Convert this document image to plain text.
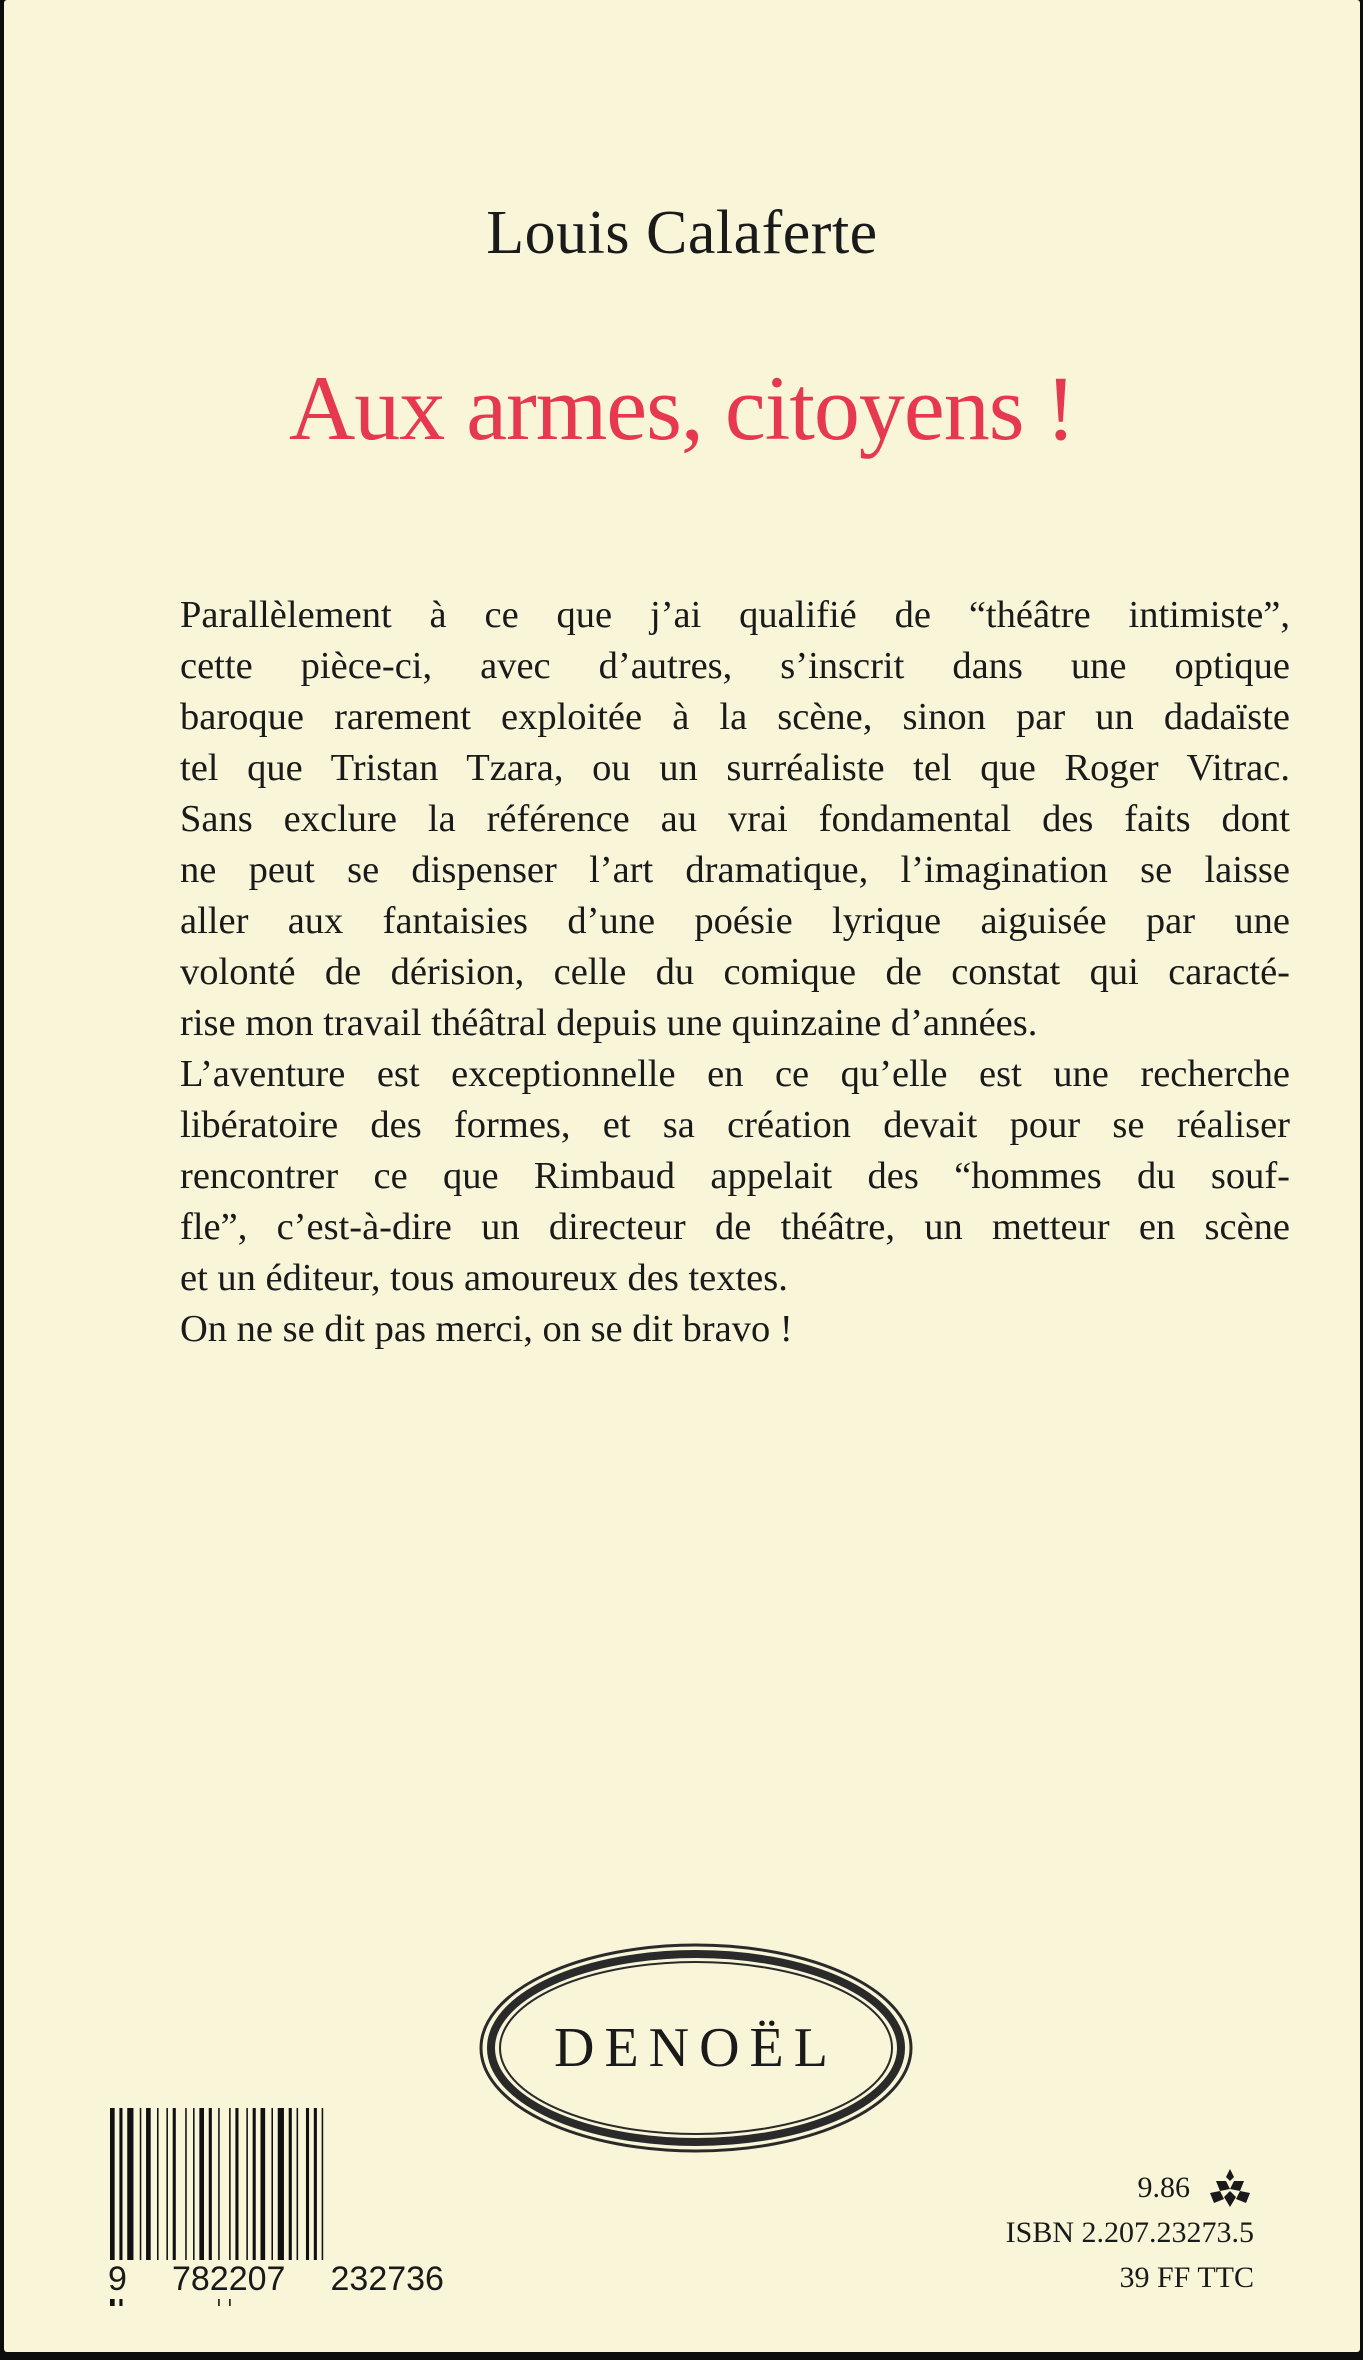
Louis Calaferte
Aux armes, citoyens !

Parallèlement à ce que j’ai qualifié de “théâtre intimiste”,

cette pièce-ci, avec d’autres, s’inscrit dans une optique

baroque rarement exploitée à la scène, sinon par un dadaïste

tel que Tristan Tzara, ou un surréaliste tel que Roger Vitrac.

Sans exclure la référence au vrai fondamental des faits dont

ne peut se dispenser l’art dramatique, l’imagination se laisse

aller aux fantaisies d’une poésie lyrique aiguisée par une

volonté de dérision, celle du comique de constat qui caracté-

rise mon travail théâtral depuis une quinzaine d’années.

L’aventure est exceptionnelle en ce qu’elle est une recherche

libératoire des formes, et sa création devait pour se réaliser

rencontrer ce que Rimbaud appelait des “hommes du souf-

fle”, c’est-à-dire un directeur de théâtre, un metteur en scène

et un éditeur, tous amoureux des textes.

On ne se dit pas merci, on se dit bravo !

DENOËL
9 782207 232736
9.86
ISBN 2.207.23273.5
39 FF TTC
